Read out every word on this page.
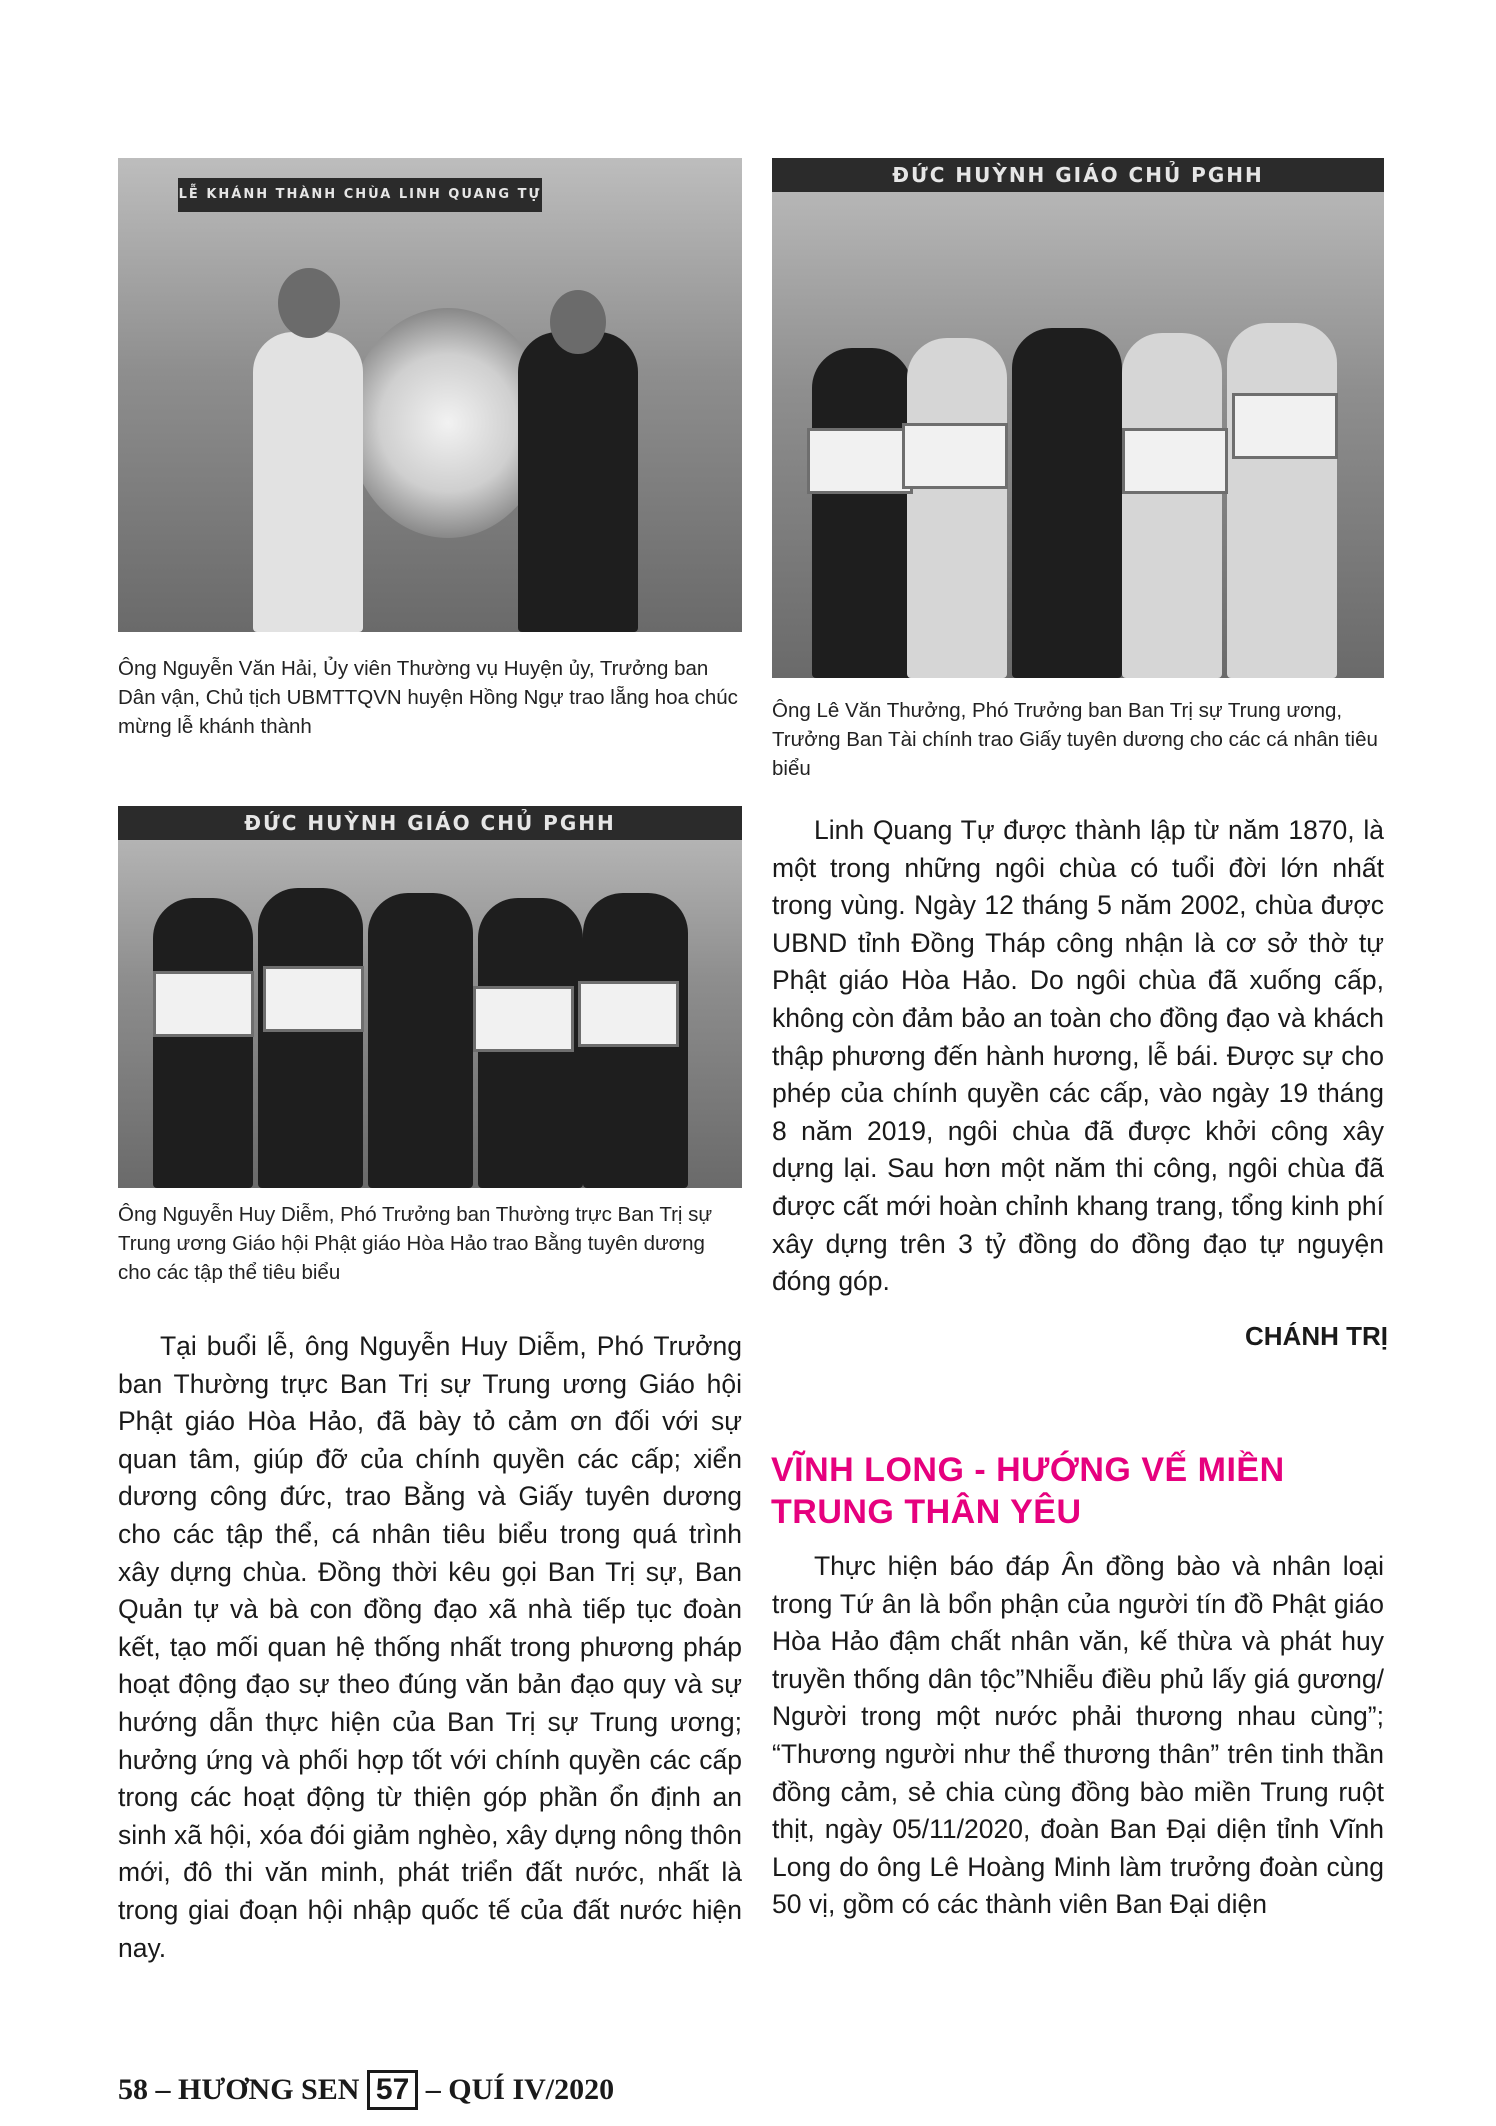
LỄ KHÁNH THÀNH CHÙA LINH QUANG TỰ
Ông Nguyễn Văn Hải, Ủy viên Thường vụ Huyện ủy, Trưởng ban Dân vận, Chủ tịch UBMTTQVN huyện Hồng Ngự trao lẵng hoa chúc mừng lễ khánh thành
ĐỨC HUỲNH GIÁO CHỦ PGHH
Ông Lê Văn Thưởng, Phó Trưởng ban Ban Trị sự Trung ương, Trưởng Ban Tài chính trao Giấy tuyên dương cho các cá nhân tiêu biểu
ĐỨC HUỲNH GIÁO CHỦ PGHH
Ông Nguyễn Huy Diễm, Phó Trưởng ban Thường trực Ban Trị sự Trung ương Giáo hội Phật giáo Hòa Hảo trao Bằng tuyên dương cho các tập thể tiêu biểu

Tại buổi lễ, ông Nguyễn Huy Diễm, Phó Trưởng ban Thường trực Ban Trị sự Trung ương Giáo hội Phật giáo Hòa Hảo, đã bày tỏ cảm ơn đối với sự quan tâm, giúp đỡ của chính quyền các cấp; xiển dương công đức, trao Bằng và Giấy tuyên dương cho các tập thể, cá nhân tiêu biểu trong quá trình xây dựng chùa. Đồng thời kêu gọi Ban Trị sự, Ban Quản tự và bà con đồng đạo xã nhà tiếp tục đoàn kết, tạo mối quan hệ thống nhất trong phương pháp hoạt động đạo sự theo đúng văn bản đạo quy và sự hướng dẫn thực hiện của Ban Trị sự Trung ương; hưởng ứng và phối hợp tốt với chính quyền các cấp trong các hoạt động từ thiện góp phần ổn định an sinh xã hội, xóa đói giảm nghèo, xây dựng nông thôn mới, đô thi văn minh, phát triển đất nước, nhất là trong giai đoạn hội nhập quốc tế của đất nước hiện nay.

Linh Quang Tự được thành lập từ năm 1870, là một trong những ngôi chùa có tuổi đời lớn nhất trong vùng. Ngày 12 tháng 5 năm 2002, chùa được UBND tỉnh Đồng Tháp công nhận là cơ sở thờ tự Phật giáo Hòa Hảo. Do ngôi chùa đã xuống cấp, không còn đảm bảo an toàn cho đồng đạo và khách thập phương đến hành hương, lễ bái. Được sự cho phép của chính quyền các cấp, vào ngày 19 tháng 8 năm 2019, ngôi chùa đã được khởi công xây dựng lại. Sau hơn một năm thi công, ngôi chùa đã được cất mới hoàn chỉnh khang trang, tổng kinh phí xây dựng trên 3 tỷ đồng do đồng đạo tự nguyện đóng góp.

CHÁNH TRỊ
VĨNH LONG - HƯỚNG VẾ MIỀN TRUNG THÂN YÊU

Thực hiện báo đáp Ân đồng bào và nhân loại trong Tứ ân là bổn phận của người tín đồ Phật giáo Hòa Hảo đậm chất nhân văn, kế thừa và phát huy truyền thống dân tộc”Nhiễu điều phủ lấy giá gương/ Người trong một nước phải thương nhau cùng”; “Thương người như thể thương thân” trên tinh thần đồng cảm, sẻ chia cùng đồng bào miền Trung ruột thịt, ngày 05/11/2020, đoàn Ban Đại diện tỉnh Vĩnh Long do ông Lê Hoàng Minh làm trưởng đoàn cùng 50 vị, gồm có các thành viên Ban Đại diện

58 – HƯƠNG SEN 57 – QUÍ IV/2020
